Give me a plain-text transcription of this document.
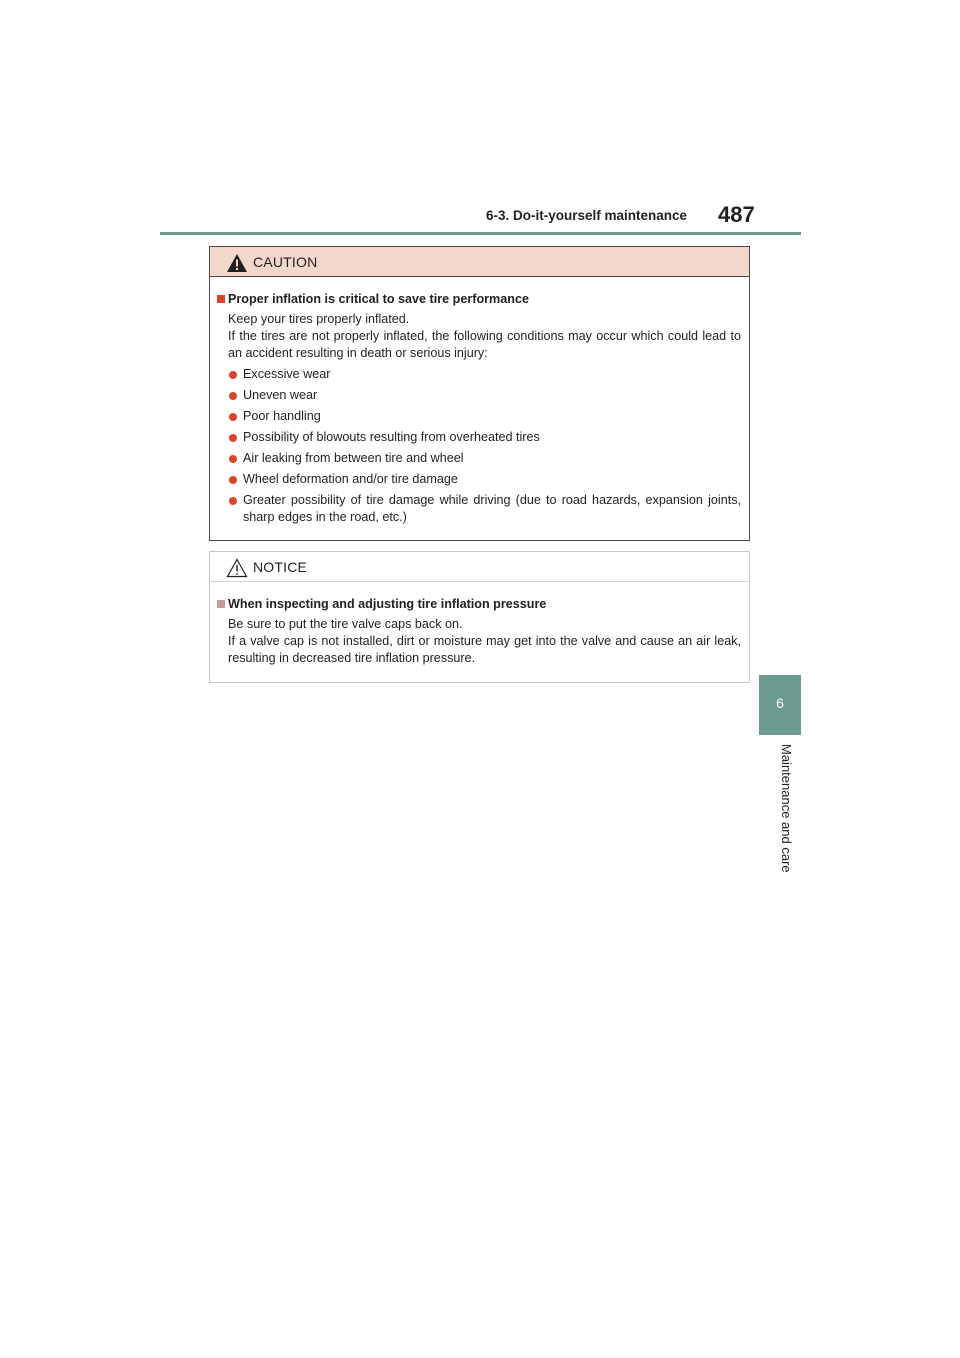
6-3. Do-it-yourself maintenance 487
6
Maintenance and care
CAUTION
Proper inflation is critical to save tire performance
Keep your tires properly inflated.
If the tires are not properly inflated, the following conditions may occur which could lead to an accident resulting in death or serious injury:
Excessive wear
Uneven wear
Poor handling
Possibility of blowouts resulting from overheated tires
Air leaking from between tire and wheel
Wheel deformation and/or tire damage
Greater possibility of tire damage while driving (due to road hazards, expansion joints, sharp edges in the road, etc.)
NOTICE
When inspecting and adjusting tire inflation pressure
Be sure to put the tire valve caps back on.
If a valve cap is not installed, dirt or moisture may get into the valve and cause an air leak, resulting in decreased tire inflation pressure.
